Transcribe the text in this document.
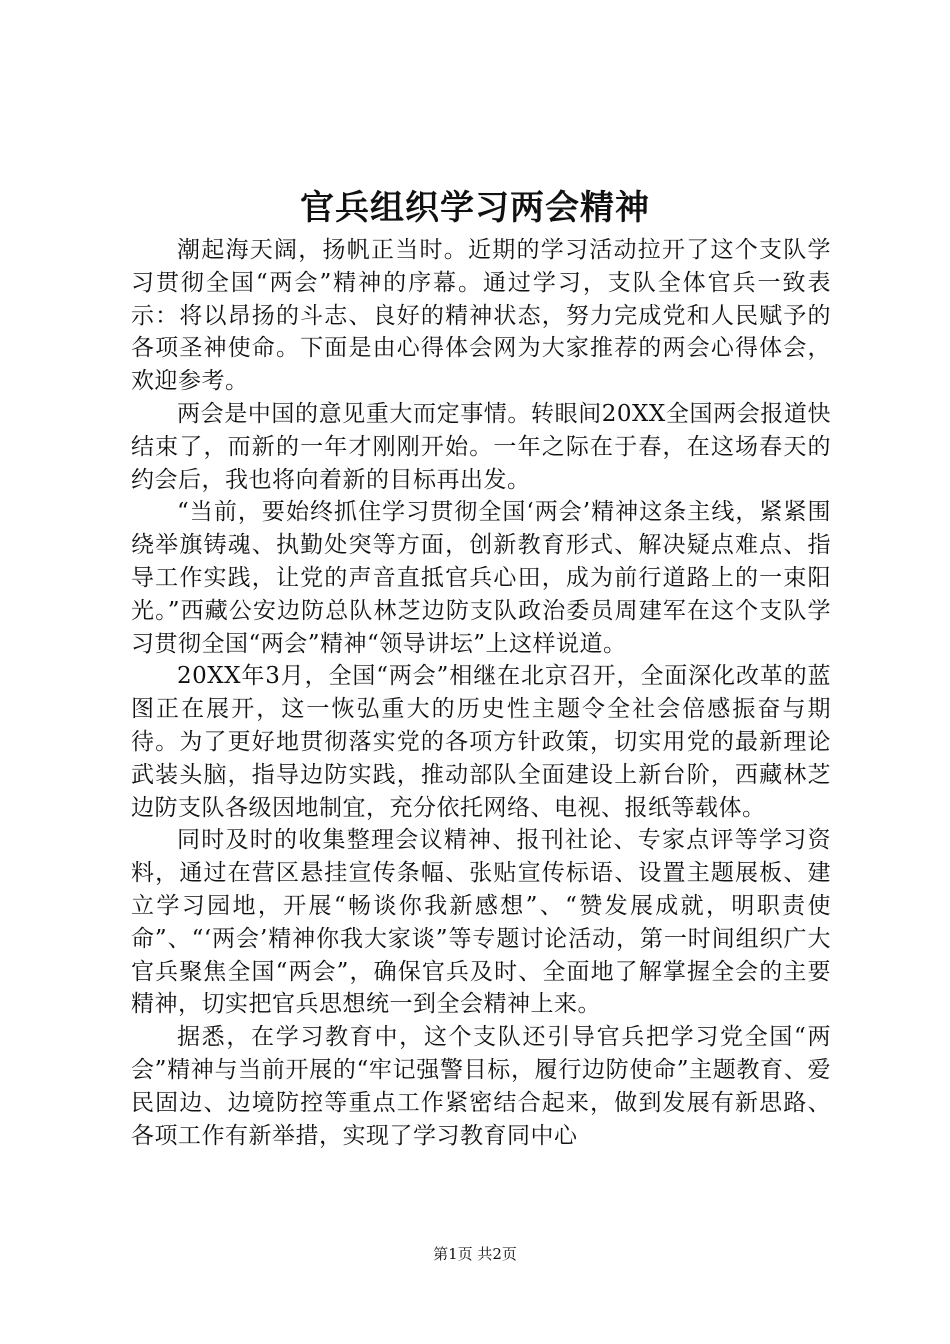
官兵组织学习两会精神

潮起海天阔，扬帆正当时。近期的学习活动拉开了这个支队学习贯彻全国“两会”精神的序幕。通过学习，支队全体官兵一致表示：将以昂扬的斗志、良好的精神状态，努力完成党和人民赋予的各项圣神使命。下面是由心得体会网为大家推荐的两会心得体会，欢迎参考。

两会是中国的意见重大而定事情。转眼间20XX全国两会报道快结束了，而新的一年才刚刚开始。一年之际在于春，在这场春天的约会后，我也将向着新的目标再出发。

“当前，要始终抓住学习贯彻全国‘两会’精神这条主线，紧紧围绕举旗铸魂、执勤处突等方面，创新教育形式、解决疑点难点、指导工作实践，让党的声音直抵官兵心田，成为前行道路上的一束阳光。”西藏公安边防总队林芝边防支队政治委员周建军在这个支队学习贯彻全国“两会”精神“领导讲坛”上这样说道。

20XX年3月，全国“两会”相继在北京召开，全面深化改革的蓝图正在展开，这一恢弘重大的历史性主题令全社会倍感振奋与期待。为了更好地贯彻落实党的各项方针政策，切实用党的最新理论武装头脑，指导边防实践，推动部队全面建设上新台阶，西藏林芝边防支队各级因地制宜，充分依托网络、电视、报纸等载体。

同时及时的收集整理会议精神、报刊社论、专家点评等学习资料，通过在营区悬挂宣传条幅、张贴宣传标语、设置主题展板、建立学习园地，开展“畅谈你我新感想”、“赞发展成就，明职责使命”、“‘两会’精神你我大家谈”等专题讨论活动，第一时间组织广大官兵聚焦全国“两会”，确保官兵及时、全面地了解掌握全会的主要精神，切实把官兵思想统一到全会精神上来。

据悉，在学习教育中，这个支队还引导官兵把学习党全国“两会”精神与当前开展的“牢记强警目标，履行边防使命”主题教育、爱民固边、边境防控等重点工作紧密结合起来，做到发展有新思路、各项工作有新举措，实现了学习教育同中心

第1页 共2页
